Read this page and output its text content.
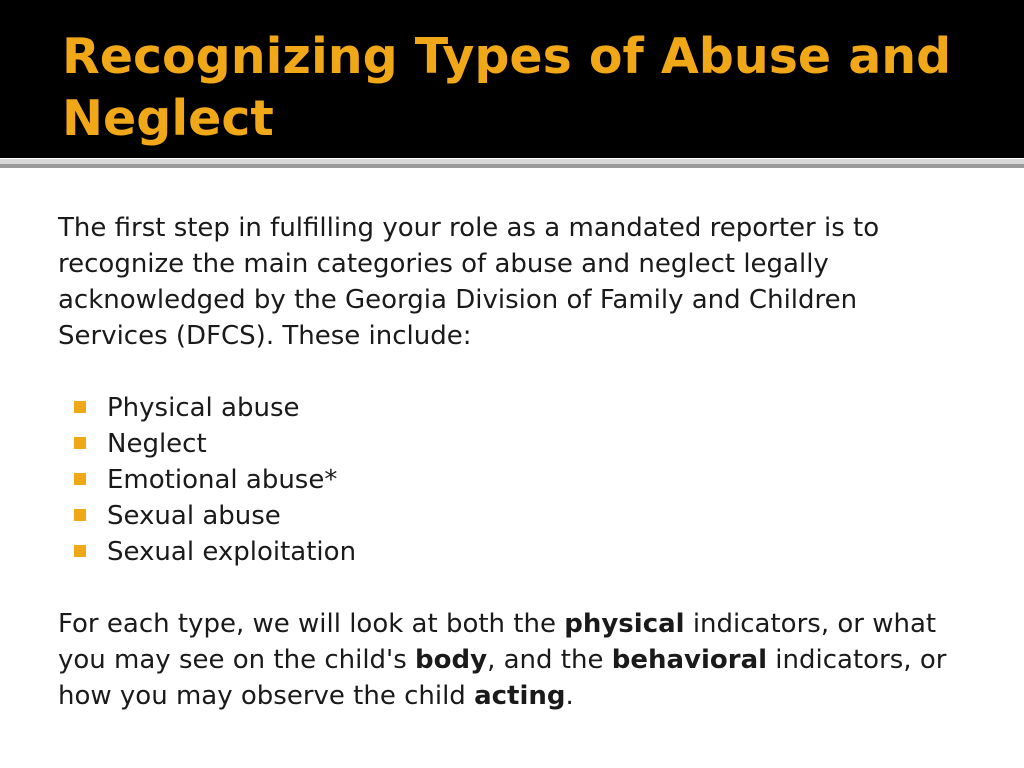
Recognizing Types of Abuse and Neglect

The first step in fulfilling your role as a mandated reporter is to recognize the main categories of abuse and neglect legally acknowledged by the Georgia Division of Family and Children Services (DFCS). These include:

Physical abuse
Neglect
Emotional abuse*
Sexual abuse
Sexual exploitation

For each type, we will look at both the physical indicators, or what you may see on the child's body, and the behavioral indicators, or how you may observe the child acting.
